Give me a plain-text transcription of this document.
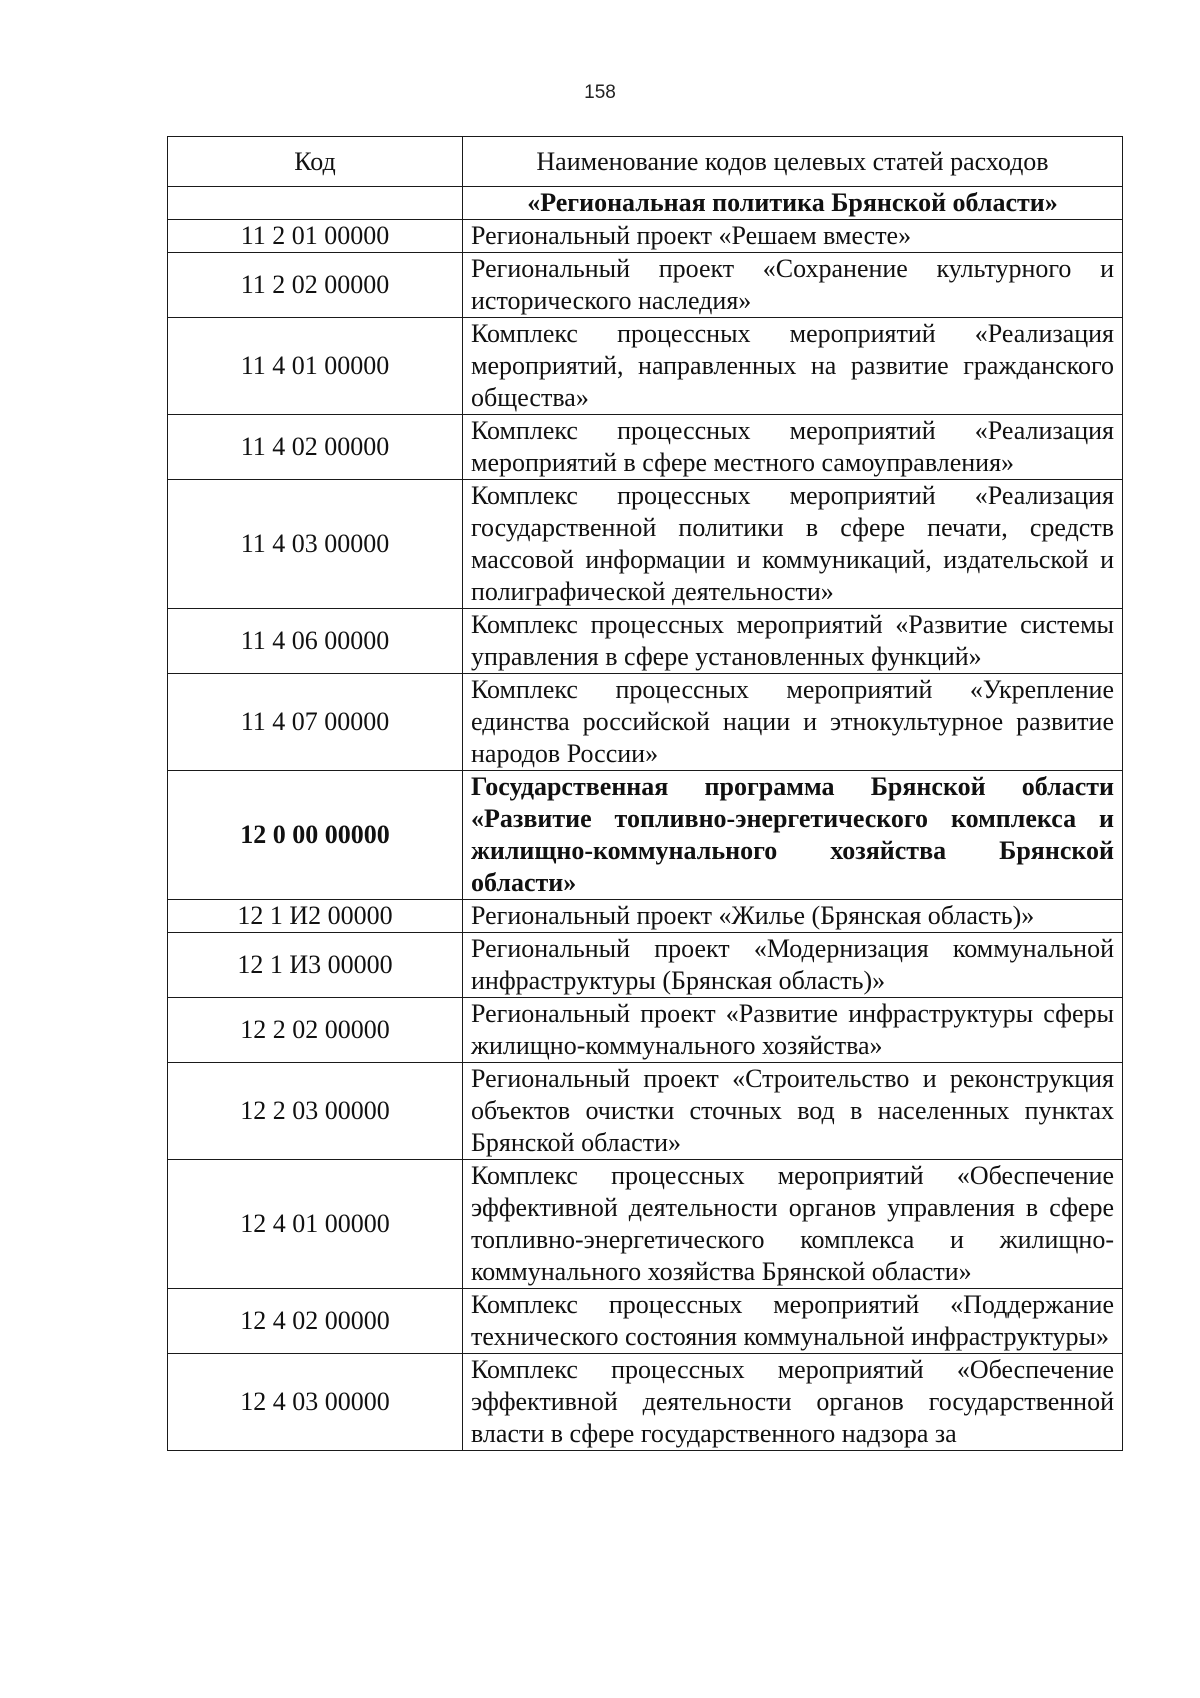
158
Код	Наименование кодов целевых статей расходов
	«Региональная политика Брянской области»
11 2 01 00000	Региональный проект «Решаем вместе»
11 2 02 00000	Региональный проект «Сохранение культурного и исторического наследия»
11 4 01 00000	Комплекс процессных мероприятий «Реализация мероприятий, направленных на развитие гражданского общества»
11 4 02 00000	Комплекс процессных мероприятий «Реализация мероприятий в сфере местного самоуправления»
11 4 03 00000	Комплекс процессных мероприятий «Реализация государственной политики в сфере печати, средств массовой информации и коммуникаций, издательской и полиграфической деятельности»
11 4 06 00000	Комплекс процессных мероприятий «Развитие системы управления в сфере установленных функций»
11 4 07 00000	Комплекс процессных мероприятий «Укрепление единства российской нации и этнокультурное развитие народов России»
12 0 00 00000	Государственная программа Брянской области «Развитие топливно-энергетического комплекса и жилищно-коммунального хозяйства Брянской области»
12 1 И2 00000	Региональный проект «Жилье (Брянская область)»
12 1 И3 00000	Региональный проект «Модернизация коммунальной инфраструктуры (Брянская область)»
12 2 02 00000	Региональный проект «Развитие инфраструктуры сферы жилищно-коммунального хозяйства»
12 2 03 00000	Региональный проект «Строительство и реконструкция объектов очистки сточных вод в населенных пунктах Брянской области»
12 4 01 00000	Комплекс процессных мероприятий «Обеспечение эффективной деятельности органов управления в сфере топливно-энергетического комплекса и жилищно-коммунального хозяйства Брянской области»
12 4 02 00000	Комплекс процессных мероприятий «Поддержание технического состояния коммунальной инфраструктуры»
12 4 03 00000	Комплекс процессных мероприятий «Обеспечение эффективной деятельности органов государственной власти в сфере государственного надзора за
